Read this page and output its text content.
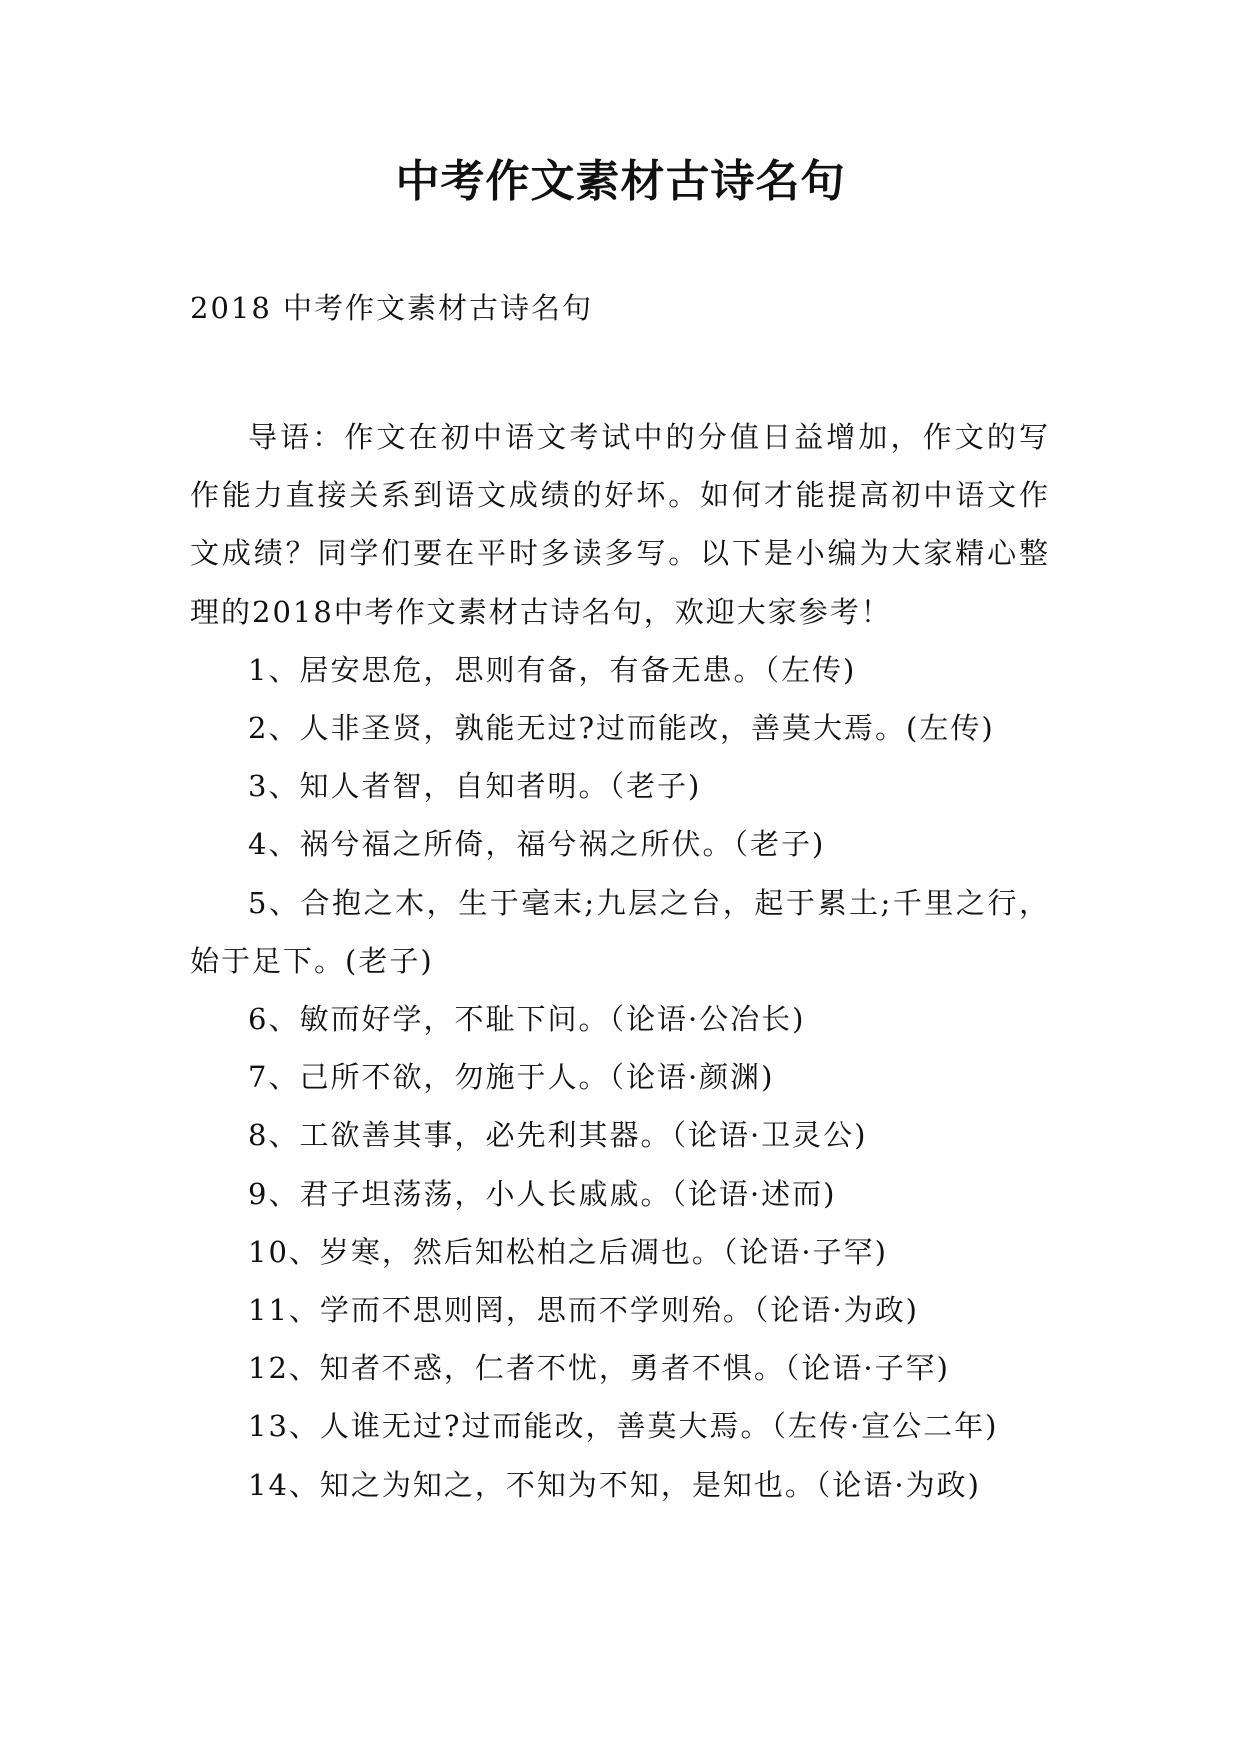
中考作文素材古诗名句
2018 中考作文素材古诗名句

导语：作文在初中语文考试中的分值日益增加，作文的写作能力直接关系到语文成绩的好坏。如何才能提高初中语文作文成绩？同学们要在平时多读多写。以下是小编为大家精心整理的2018中考作文素材古诗名句，欢迎大家参考！

1、居安思危，思则有备，有备无患。（左传)

2、人非圣贤，孰能无过?过而能改，善莫大焉。(左传)

3、知人者智，自知者明。（老子)

4、祸兮福之所倚，福兮祸之所伏。（老子)

5、合抱之木，生于毫末;九层之台，起于累土;千里之行，始于足下。(老子)

6、敏而好学，不耻下问。（论语·公冶长)

7、己所不欲，勿施于人。（论语·颜渊)

8、工欲善其事，必先利其器。（论语·卫灵公)

9、君子坦荡荡，小人长戚戚。（论语·述而)

10、岁寒，然后知松柏之后凋也。（论语·子罕)

11、学而不思则罔，思而不学则殆。（论语·为政)

12、知者不惑，仁者不忧，勇者不惧。（论语·子罕)

13、人谁无过?过而能改，善莫大焉。（左传·宣公二年)

14、知之为知之，不知为不知，是知也。（论语·为政)
